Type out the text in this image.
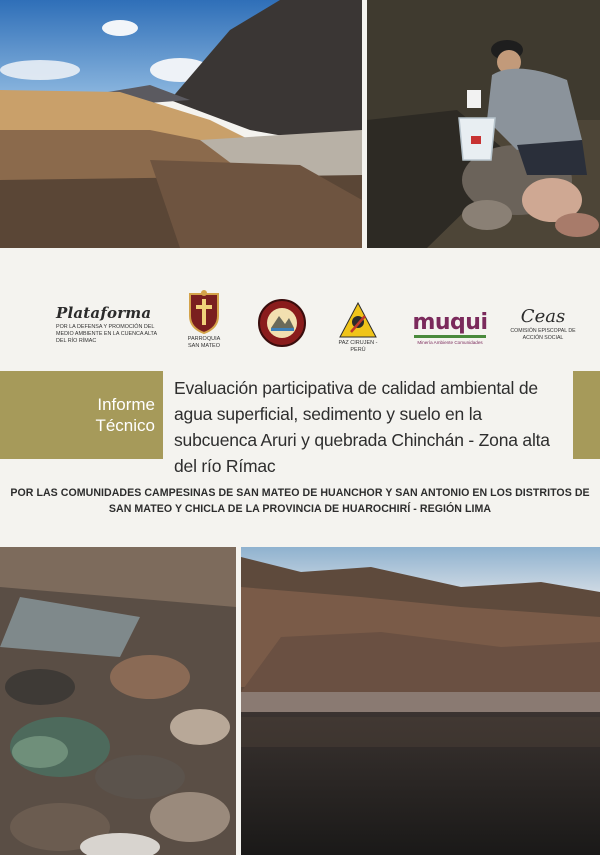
Plataforma
POR LA DEFENSA Y PROMOCIÓN DEL MEDIO AMBIENTE EN LA CUENCA ALTA DEL RÍO RÍMAC	PARROQUIA SAN MATEO	PAZ CIRUJEN - PERÚ
muqui
Minería Ambiente Comunidades
Ceas
COMISIÓN EPISCOPAL DE ACCIÓN SOCIAL
Informe
Técnico
Evaluación participativa de calidad ambiental de agua superficial, sedimento y suelo en la subcuenca Aruri y quebrada Chinchán - Zona alta del río Rímac
POR LAS COMUNIDADES CAMPESINAS DE SAN MATEO DE HUANCHOR Y SAN ANTONIO EN LOS DISTRITOS DE SAN MATEO Y CHICLA DE LA PROVINCIA DE HUAROCHIRÍ - REGIÓN LIMA
